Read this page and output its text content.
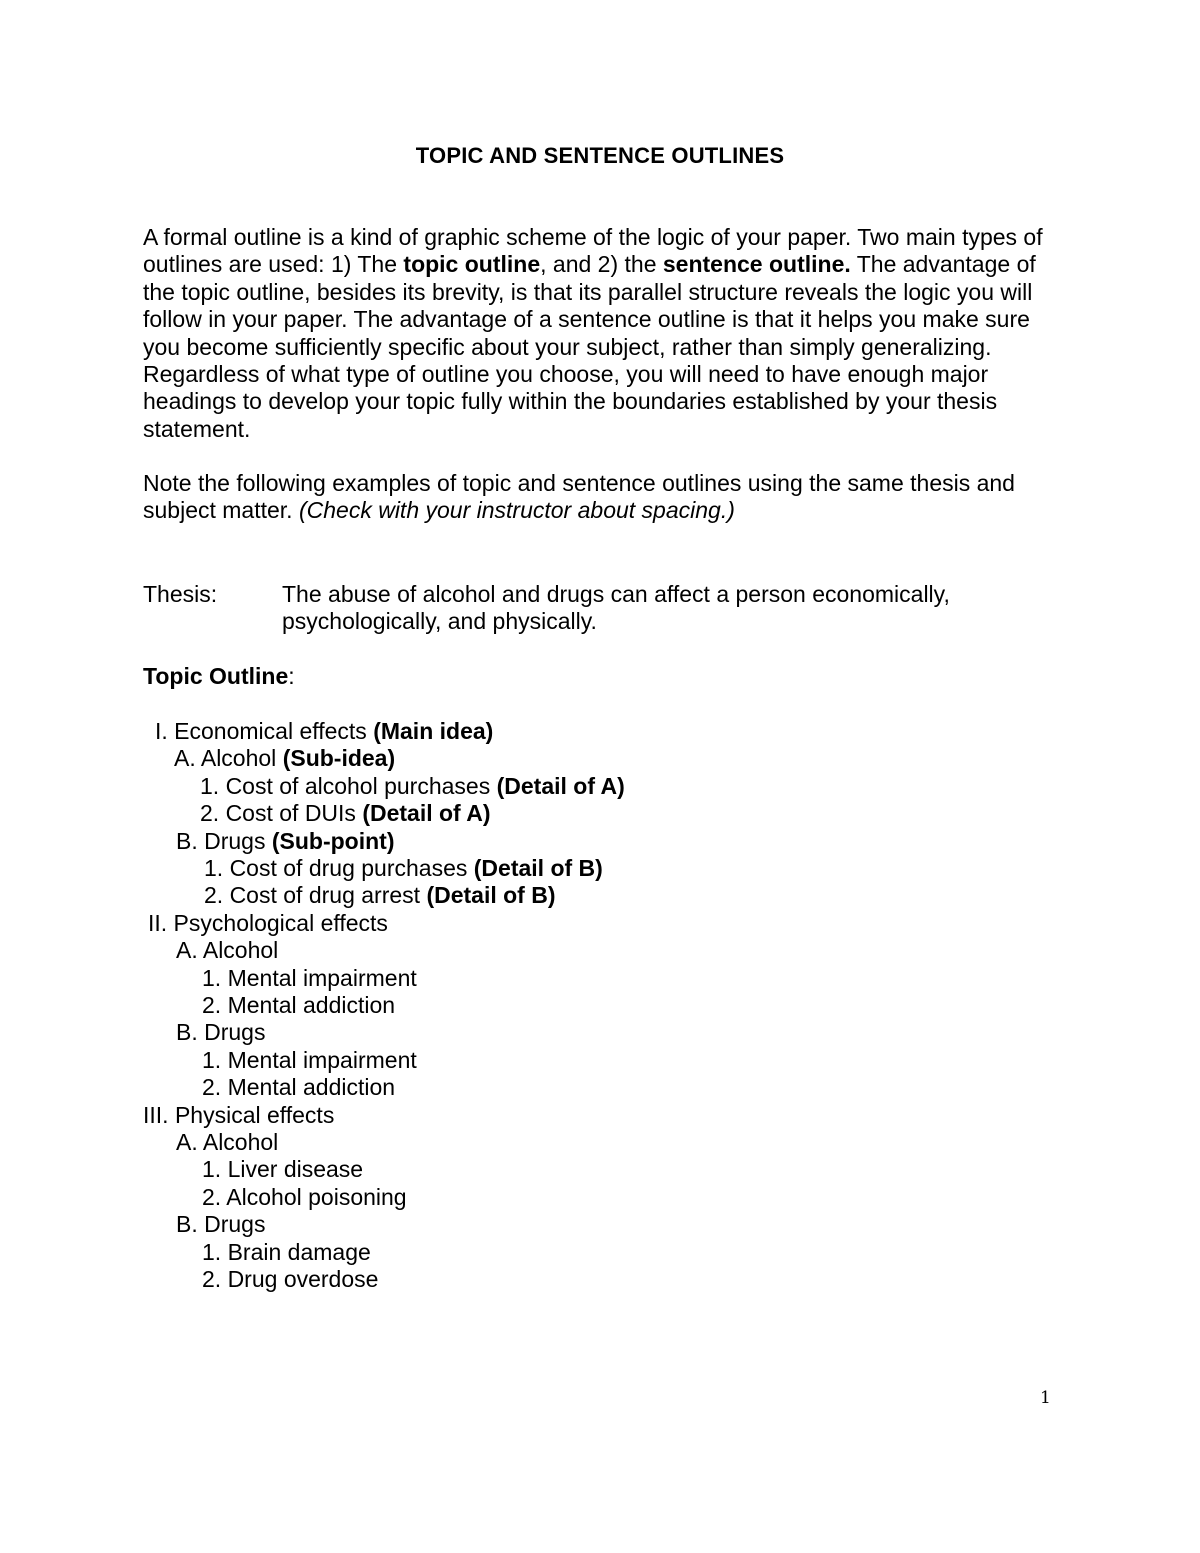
TOPIC AND SENTENCE OUTLINES

A formal outline is a kind of graphic scheme of the logic of your paper. Two main types of outlines are used: 1) The topic outline, and 2) the sentence outline. The advantage of the topic outline, besides its brevity, is that its parallel structure reveals the logic you will follow in your paper. The advantage of a sentence outline is that it helps you make sure you become sufficiently specific about your subject, rather than simply generalizing. Regardless of what type of outline you choose, you will need to have enough major headings to develop your topic fully within the boundaries established by your thesis statement.

Note the following examples of topic and sentence outlines using the same thesis and subject matter. (Check with your instructor about spacing.)

Thesis:	The abuse of alcohol and drugs can affect a person economically, psychologically, and physically.
Topic Outline:
I. Economical effects (Main idea)
A. Alcohol (Sub-idea)
1. Cost of alcohol purchases (Detail of A)
2. Cost of DUIs (Detail of A)
B. Drugs (Sub-point)
1. Cost of drug purchases (Detail of B)
2. Cost of drug arrest (Detail of B)
II. Psychological effects
A. Alcohol
1. Mental impairment
2. Mental addiction
B. Drugs
1. Mental impairment
2. Mental addiction
III. Physical effects
A. Alcohol
1. Liver disease
2. Alcohol poisoning
B. Drugs
1. Brain damage
2. Drug overdose
1
